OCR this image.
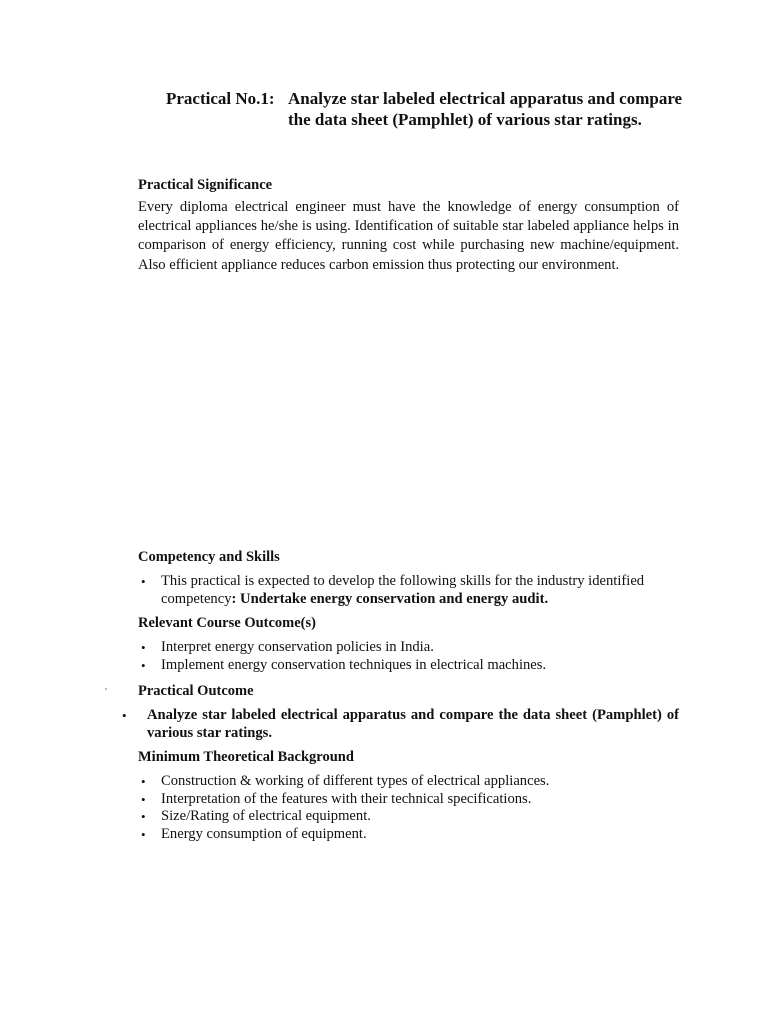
Practical No.1: Analyze star labeled electrical apparatus and compare the data sheet (Pamphlet) of various star ratings.
Practical Significance
Every diploma electrical engineer must have the knowledge of energy consumption of electrical appliances he/she is using. Identification of suitable star labeled appliance helps in comparison of energy efficiency, running cost while purchasing new machine/equipment. Also efficient appliance reduces carbon emission thus protecting our environment.
Competency and Skills
• This practical is expected to develop the following skills for the industry identified competency: Undertake energy conservation and energy audit.
Relevant Course Outcome(s)
• Interpret energy conservation policies in India.
• Implement energy conservation techniques in electrical machines.
Practical Outcome
• Analyze star labeled electrical apparatus and compare the data sheet (Pamphlet) of various star ratings.
Minimum Theoretical Background
• Construction & working of different types of electrical appliances.
• Interpretation of the features with their technical specifications.
• Size/Rating of electrical equipment.
• Energy consumption of equipment.
